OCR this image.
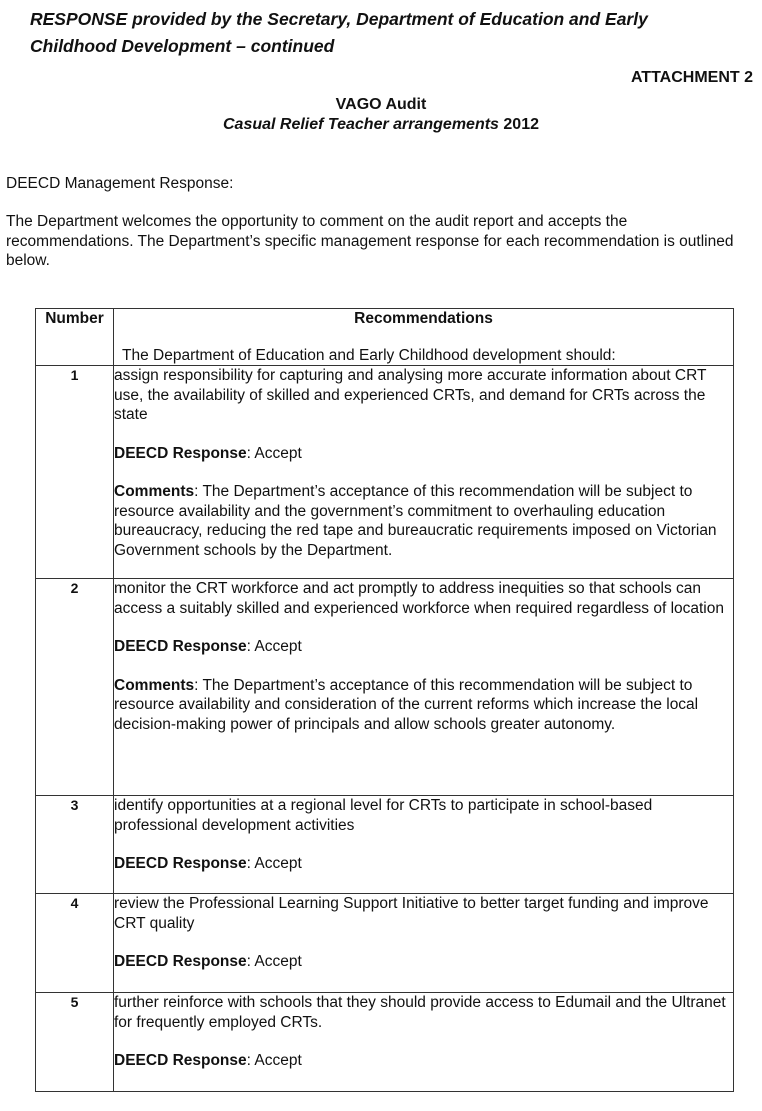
RESPONSE provided by the Secretary, Department of Education and Early
Childhood Development – continued
ATTACHMENT 2
VAGO Audit
Casual Relief Teacher arrangements 2012
DEECD Management Response:
The Department welcomes the opportunity to comment on the audit report and accepts the recommendations. The Department’s specific management response for each recommendation is outlined below.
Number	Recommendations
The Department of Education and Early Childhood development should:

1	assign responsibility for capturing and analysing more accurate information about CRT use, the availability of skilled and experienced CRTs, and demand for CRTs across the state

DEECD Response: Accept

Comments: The Department’s acceptance of this recommendation will be subject to resource availability and the government’s commitment to overhauling education bureaucracy, reducing the red tape and bureaucratic requirements imposed on Victorian Government schools by the Department.

2	monitor the CRT workforce and act promptly to address inequities so that schools can access a suitably skilled and experienced workforce when required regardless of location

DEECD Response: Accept

Comments: The Department’s acceptance of this recommendation will be subject to resource availability and consideration of the current reforms which increase the local decision-making power of principals and allow schools greater autonomy.

3	identify opportunities at a regional level for CRTs to participate in school-based professional development activities

DEECD Response: Accept

4	review the Professional Learning Support Initiative to better target funding and improve CRT quality

DEECD Response: Accept

5	further reinforce with schools that they should provide access to Edumail and the Ultranet for frequently employed CRTs.

DEECD Response: Accept
